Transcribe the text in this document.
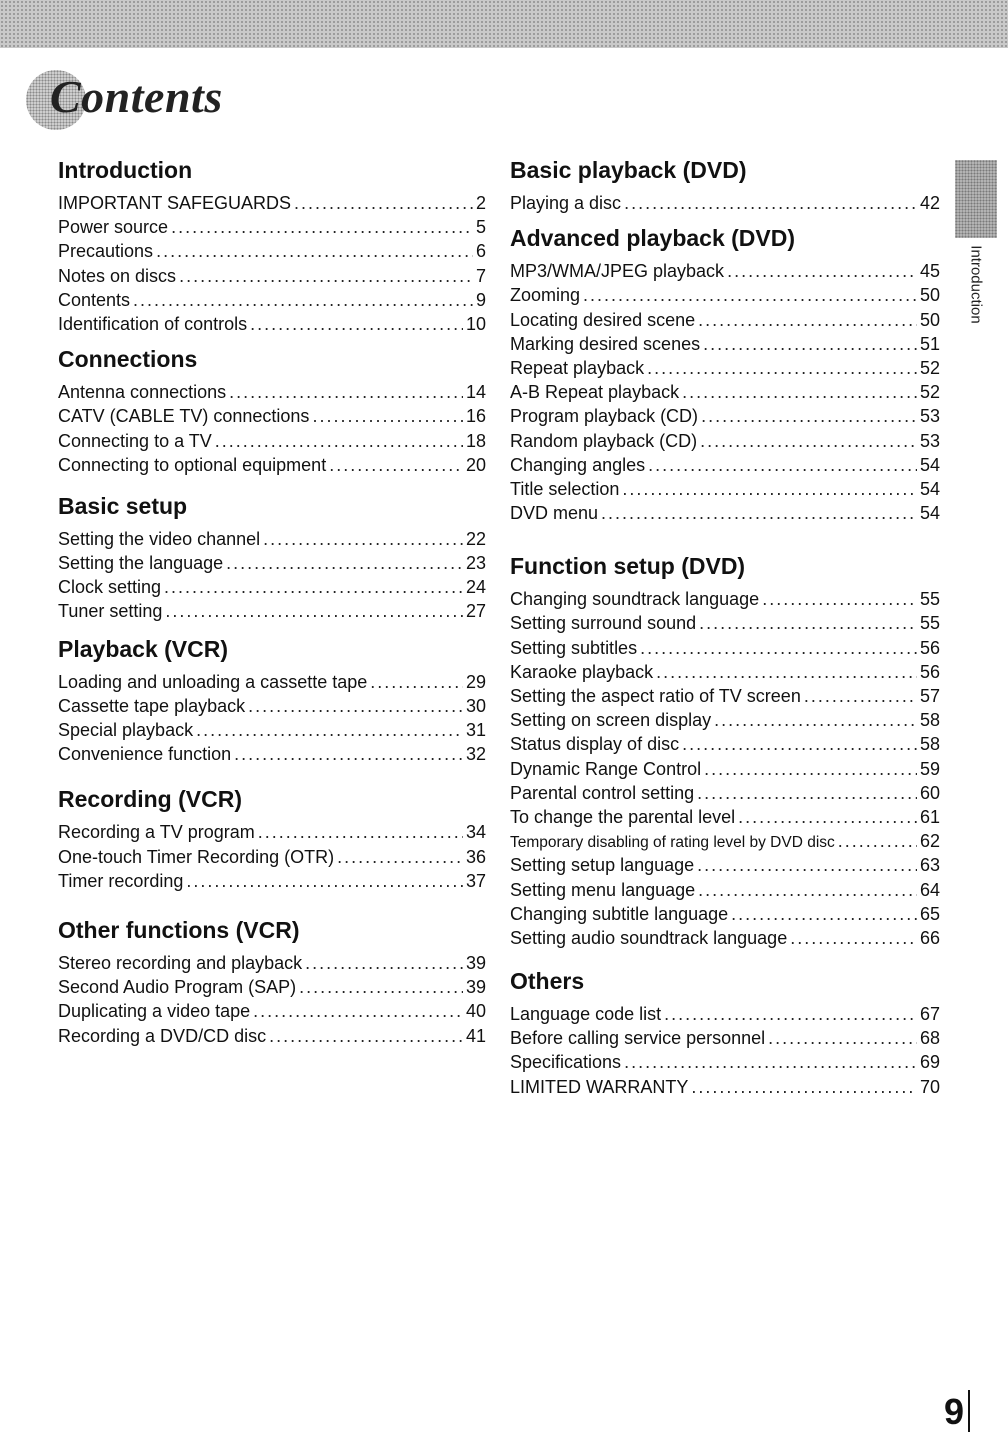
Contents
Introduction
Introduction
IMPORTANT SAFEGUARDS .....	2
Power source .....	5
Precautions .....	6
Notes on discs .....	7
Contents .....	9
Identification of controls .....	10
Connections
Antenna connections .....	14
CATV (CABLE TV) connections .....	16
Connecting to a TV .....	18
Connecting to optional equipment .....	20
Basic setup
Setting the video channel .....	22
Setting the language .....	23
Clock setting .....	24
Tuner setting .....	27
Playback (VCR)
Loading and unloading a cassette tape .....	29
Cassette tape playback .....	30
Special playback .....	31
Convenience function .....	32
Recording (VCR)
Recording a TV program .....	34
One-touch Timer Recording (OTR) .....	36
Timer recording .....	37
Other functions (VCR)
Stereo recording and playback .....	39
Second Audio Program (SAP) .....	39
Duplicating a video tape .....	40
Recording a DVD/CD disc .....	41
Basic playback (DVD)
Playing a disc .....	42
Advanced playback (DVD)
MP3/WMA/JPEG playback .....	45
Zooming .....	50
Locating desired scene .....	50
Marking desired scenes .....	51
Repeat playback .....	52
A-B Repeat playback .....	52
Program playback (CD) .....	53
Random playback (CD) .....	53
Changing angles .....	54
Title selection .....	54
DVD menu .....	54
Function setup (DVD)
Changing soundtrack language .....	55
Setting surround sound .....	55
Setting subtitles .....	56
Karaoke playback .....	56
Setting the aspect ratio of TV screen .....	57
Setting on screen display .....	58
Status display of disc .....	58
Dynamic Range Control .....	59
Parental control setting .....	60
To change the parental level .....	61
Temporary disabling of rating level by DVD disc .....	62
Setting setup language .....	63
Setting menu language .....	64
Changing subtitle language .....	65
Setting audio soundtrack language .....	66
Others
Language code list .....	67
Before calling service personnel .....	68
Specifications .....	69
LIMITED WARRANTY .....	70
9
